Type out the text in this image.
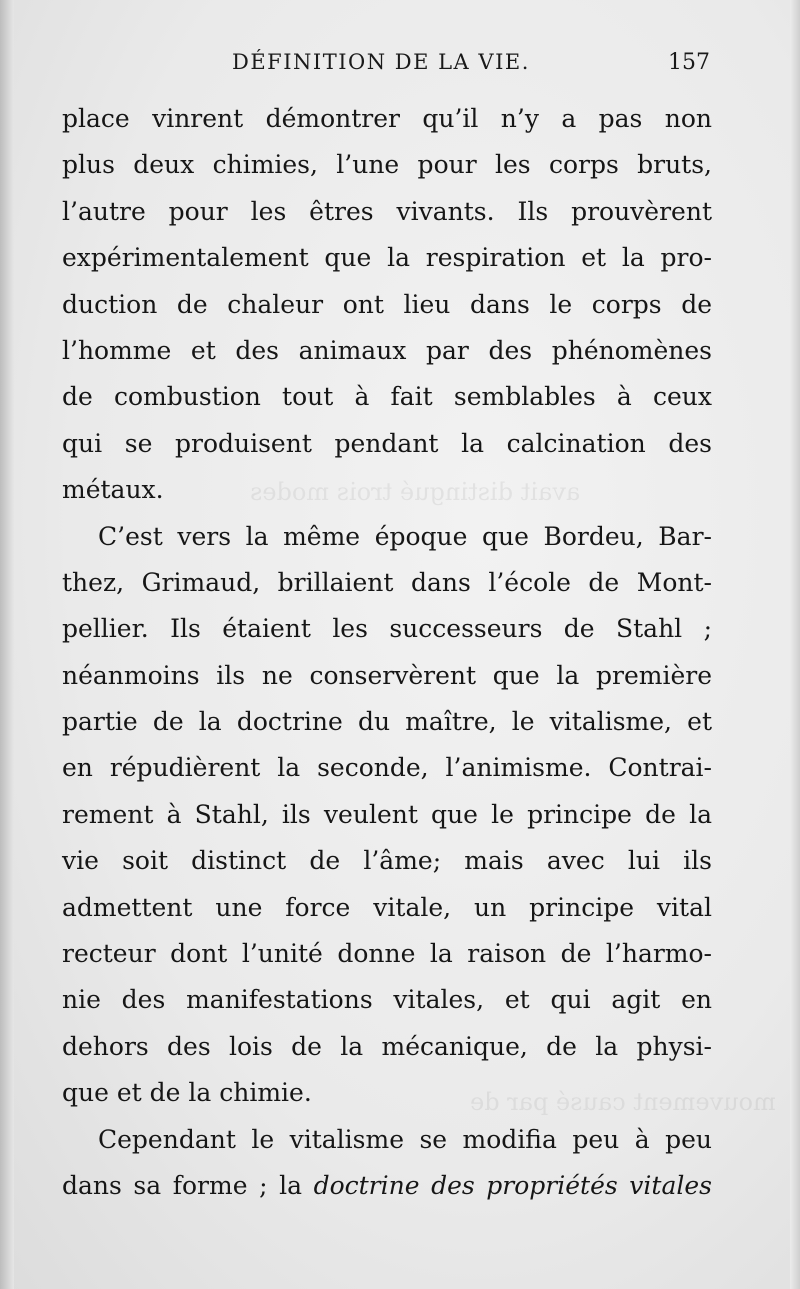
avait distingué trois modes
mouvement causé par de
DÉFINITION DE LA VIE.	157
place vinrent démontrer qu’il n’y a pas non
plus deux chimies, l’une pour les corps bruts,
l’autre pour les êtres vivants. Ils prouvèrent
expérimentalement que la respiration et la pro-
duction de chaleur ont lieu dans le corps de
l’homme et des animaux par des phénomènes
de combustion tout à fait semblables à ceux
qui se produisent pendant la calcination des
métaux.
C’est vers la même époque que Bordeu, Bar-
thez, Grimaud, brillaient dans l’école de Mont-
pellier. Ils étaient les successeurs de Stahl ;
néanmoins ils ne conservèrent que la première
partie de la doctrine du maître, le vitalisme, et
en répudièrent la seconde, l’animisme. Contrai-
rement à Stahl, ils veulent que le principe de la
vie soit distinct de l’âme; mais avec lui ils
admettent une force vitale, un principe vital
recteur dont l’unité donne la raison de l’harmo-
nie des manifestations vitales, et qui agit en
dehors des lois de la mécanique, de la physi-
que et de la chimie.
Cependant le vitalisme se modifia peu à peu
dans sa forme ; la doctrine des propriétés vitales
